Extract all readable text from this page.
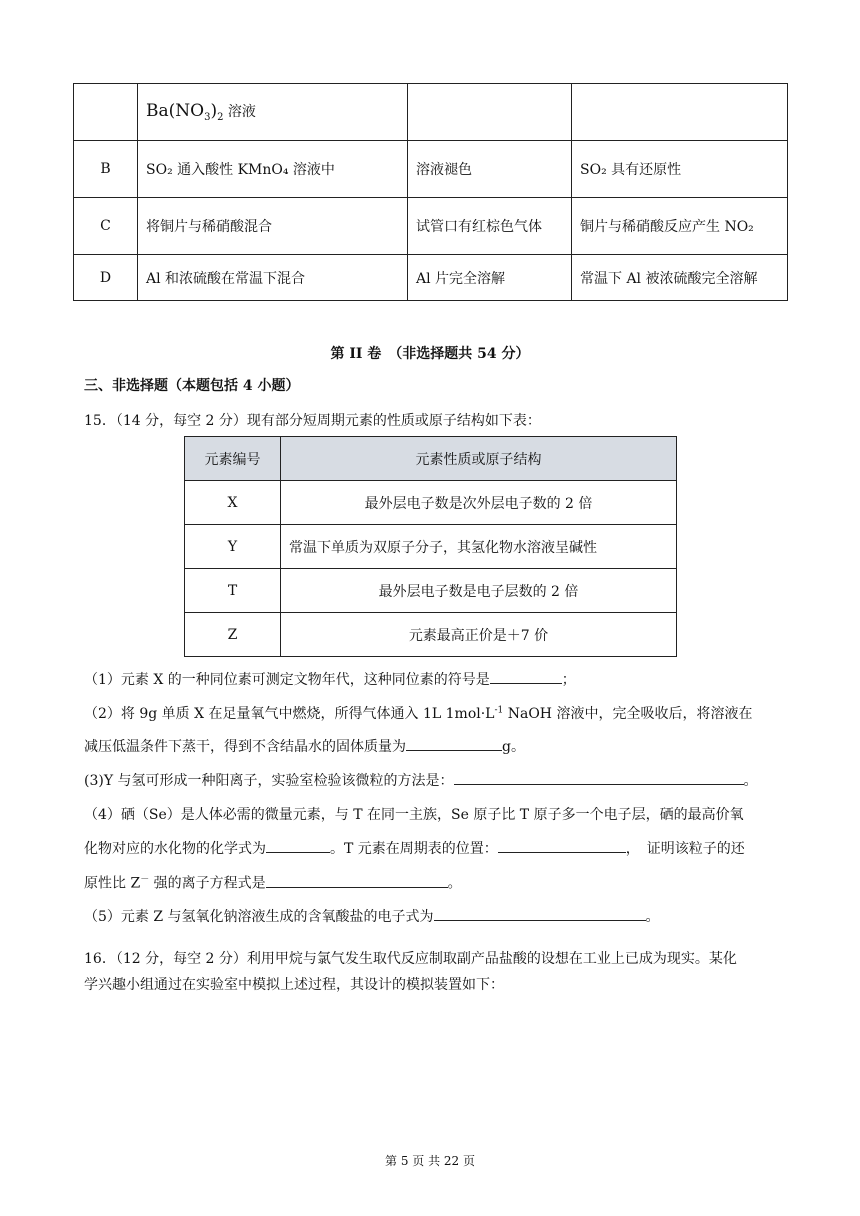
	$Ba(NO_3)_2$ 溶液		
B	SO₂ 通入酸性 KMnO₄ 溶液中	溶液褪色	SO₂ 具有还原性
C	将铜片与稀硝酸混合	试管口有红棕色气体	铜片与稀硝酸反应产生 NO₂
D	Al 和浓硫酸在常温下混合	Al 片完全溶解	常温下 Al 被浓硫酸完全溶解
第 II 卷　（非选择题共 54 分）
三、非选择题（本题包括 4 小题）
15．（14 分，每空 2 分）现有部分短周期元素的性质或原子结构如下表：
元素编号	元素性质或原子结构
X	最外层电子数是次外层电子数的 2 倍
Y	常温下单质为双原子分子，其氢化物水溶液呈碱性
T	最外层电子数是电子层数的 2 倍
Z	元素最高正价是＋7 价
（1）元素 X 的一种同位素可测定文物年代，这种同位素的符号是	；
（2）将 9g 单质 X 在足量氧气中燃烧，所得气体通入 1L $1mol\cdot L^{-1}$ NaOH 溶液中，完全吸收后，将溶液在
减压低温条件下蒸干，得到不含结晶水的固体质量为	g。
(3)Y 与氢可形成一种阳离子，实验室检验该微粒的方法是：	。
（4）硒（Se）是人体必需的微量元素，与 T 在同一主族，Se 原子比 T 原子多一个电子层，硒的最高价氧
化物对应的水化物的化学式为	。T 元素在周期表的位置：	，　证明该粒子的还
原性比 Z－ 强的离子方程式是	。
（5）元素 Z 与氢氧化钠溶液生成的含氧酸盐的电子式为	。
16．（12 分，每空 2 分）利用甲烷与氯气发生取代反应制取副产品盐酸的设想在工业上已成为现实。某化
学兴趣小组通过在实验室中模拟上述过程，其设计的模拟装置如下：
第 5 页 共 22 页
